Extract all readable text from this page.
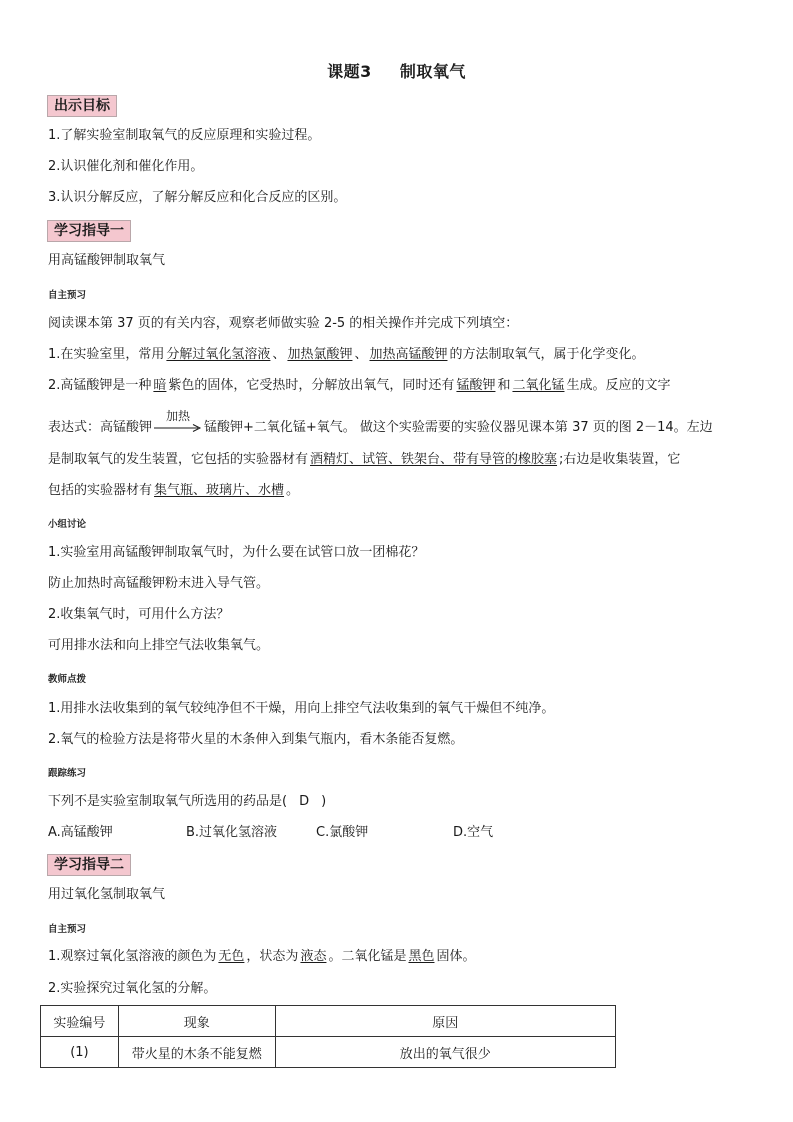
课题3 制取氧气
出示目标
1.了解实验室制取氧气的反应原理和实验过程。
2.认识催化剂和催化作用。
3.认识分解反应，了解分解反应和化合反应的区别。
学习指导一
用高锰酸钾制取氧气
自主预习
阅读课本第 37 页的有关内容，观察老师做实验 2-5 的相关操作并完成下列填空：
1.在实验室里，常用 分解过氧化氢溶液 、 加热氯酸钾 、 加热高锰酸钾 的方法制取氧气，属于化学变化。
2.高锰酸钾是一种 暗 紫色的固体，它受热时，分解放出氧气，同时还有 锰酸钾 和 二氧化锰 生成。反应的文字
表达式：高锰酸钾
加热
锰酸钾+二氧化锰+氧气。 做这个实验需要的实验仪器见课本第 37 页的图 2－14。左边
是制取氧气的发生装置，它包括的实验器材有 酒精灯、试管、铁架台、带有导管的橡胶塞 ;右边是收集装置，它
包括的实验器材有 集气瓶、玻璃片、水槽 。
小组讨论
1.实验室用高锰酸钾制取氧气时，为什么要在试管口放一团棉花？
防止加热时高锰酸钾粉末进入导气管。
2.收集氧气时，可用什么方法？
可用排水法和向上排空气法收集氧气。
教师点拨
1.用排水法收集到的氧气较纯净但不干燥，用向上排空气法收集到的氧气干燥但不纯净。
2.氧气的检验方法是将带火星的木条伸入到集气瓶内，看木条能否复燃。
跟踪练习
下列不是实验室制取氧气所选用的药品是( D )
A.高锰酸钾	B.过氧化氢溶液	C.氯酸钾	D.空气
学习指导二
用过氧化氢制取氧气
自主预习
1.观察过氧化氢溶液的颜色为 无色 ，状态为 液态 。二氧化锰是 黑色 固体。
2.实验探究过氧化氢的分解。
实验编号	现象	原因
(1)	带火星的木条不能复燃	放出的氧气很少
